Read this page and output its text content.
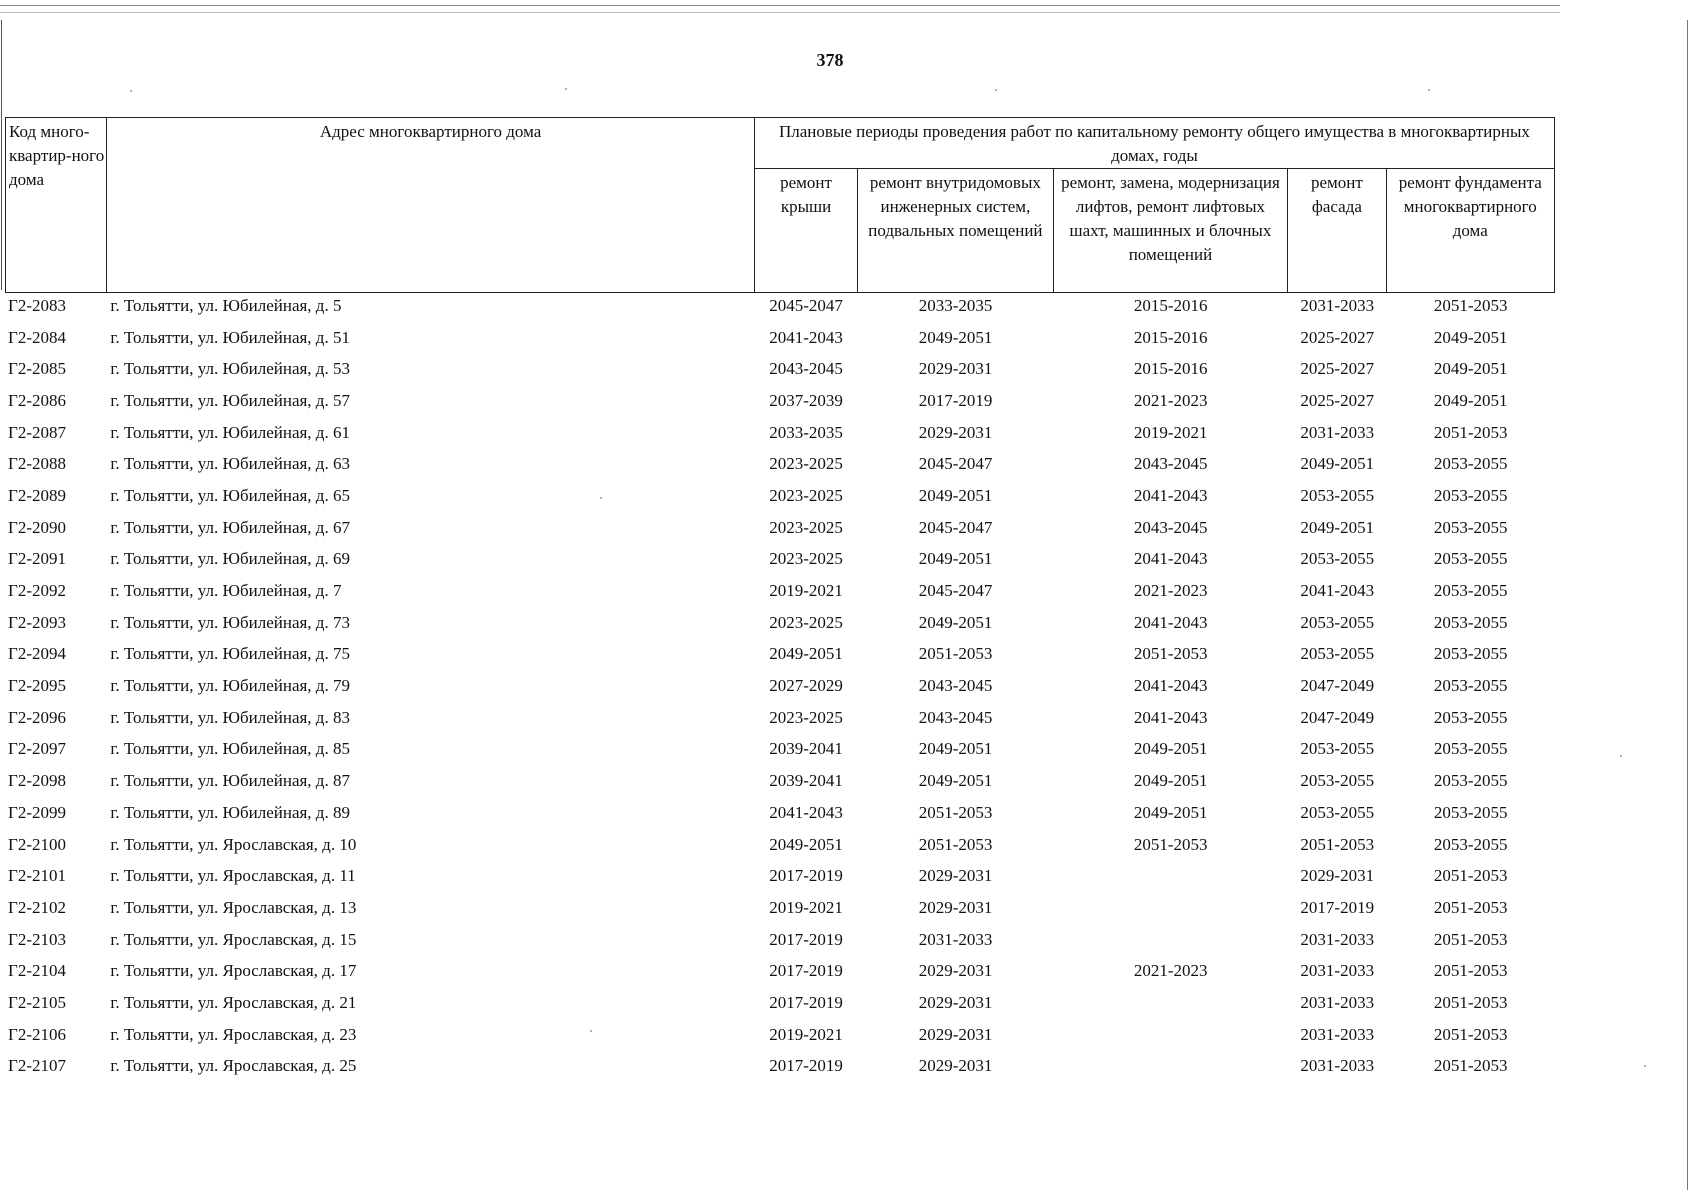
378
Код много-квартир-ного дома	Адрес многоквартирного дома	Плановые периоды проведения работ по капитальному ремонту общего имущества в многоквартирных домах, годы				
		ремонт крыши	ремонт внутридомовых инженерных систем, подвальных помещений	ремонт, замена, модернизация лифтов, ремонт лифтовых шахт, машинных и блочных помещений	ремонт фасада	ремонт фундамента многоквартирного дома
Г2-2083	г. Тольятти, ул. Юбилейная, д. 5	2045-2047	2033-2035	2015-2016	2031-2033	2051-2053
Г2-2084	г. Тольятти, ул. Юбилейная, д. 51	2041-2043	2049-2051	2015-2016	2025-2027	2049-2051
Г2-2085	г. Тольятти, ул. Юбилейная, д. 53	2043-2045	2029-2031	2015-2016	2025-2027	2049-2051
Г2-2086	г. Тольятти, ул. Юбилейная, д. 57	2037-2039	2017-2019	2021-2023	2025-2027	2049-2051
Г2-2087	г. Тольятти, ул. Юбилейная, д. 61	2033-2035	2029-2031	2019-2021	2031-2033	2051-2053
Г2-2088	г. Тольятти, ул. Юбилейная, д. 63	2023-2025	2045-2047	2043-2045	2049-2051	2053-2055
Г2-2089	г. Тольятти, ул. Юбилейная, д. 65	2023-2025	2049-2051	2041-2043	2053-2055	2053-2055
Г2-2090	г. Тольятти, ул. Юбилейная, д. 67	2023-2025	2045-2047	2043-2045	2049-2051	2053-2055
Г2-2091	г. Тольятти, ул. Юбилейная, д. 69	2023-2025	2049-2051	2041-2043	2053-2055	2053-2055
Г2-2092	г. Тольятти, ул. Юбилейная, д. 7	2019-2021	2045-2047	2021-2023	2041-2043	2053-2055
Г2-2093	г. Тольятти, ул. Юбилейная, д. 73	2023-2025	2049-2051	2041-2043	2053-2055	2053-2055
Г2-2094	г. Тольятти, ул. Юбилейная, д. 75	2049-2051	2051-2053	2051-2053	2053-2055	2053-2055
Г2-2095	г. Тольятти, ул. Юбилейная, д. 79	2027-2029	2043-2045	2041-2043	2047-2049	2053-2055
Г2-2096	г. Тольятти, ул. Юбилейная, д. 83	2023-2025	2043-2045	2041-2043	2047-2049	2053-2055
Г2-2097	г. Тольятти, ул. Юбилейная, д. 85	2039-2041	2049-2051	2049-2051	2053-2055	2053-2055
Г2-2098	г. Тольятти, ул. Юбилейная, д. 87	2039-2041	2049-2051	2049-2051	2053-2055	2053-2055
Г2-2099	г. Тольятти, ул. Юбилейная, д. 89	2041-2043	2051-2053	2049-2051	2053-2055	2053-2055
Г2-2100	г. Тольятти, ул. Ярославская, д. 10	2049-2051	2051-2053	2051-2053	2051-2053	2053-2055
Г2-2101	г. Тольятти, ул. Ярославская, д. 11	2017-2019	2029-2031		2029-2031	2051-2053
Г2-2102	г. Тольятти, ул. Ярославская, д. 13	2019-2021	2029-2031		2017-2019	2051-2053
Г2-2103	г. Тольятти, ул. Ярославская, д. 15	2017-2019	2031-2033		2031-2033	2051-2053
Г2-2104	г. Тольятти, ул. Ярославская, д. 17	2017-2019	2029-2031	2021-2023	2031-2033	2051-2053
Г2-2105	г. Тольятти, ул. Ярославская, д. 21	2017-2019	2029-2031		2031-2033	2051-2053
Г2-2106	г. Тольятти, ул. Ярославская, д. 23	2019-2021	2029-2031		2031-2033	2051-2053
Г2-2107	г. Тольятти, ул. Ярославская, д. 25	2017-2019	2029-2031		2031-2033	2051-2053
